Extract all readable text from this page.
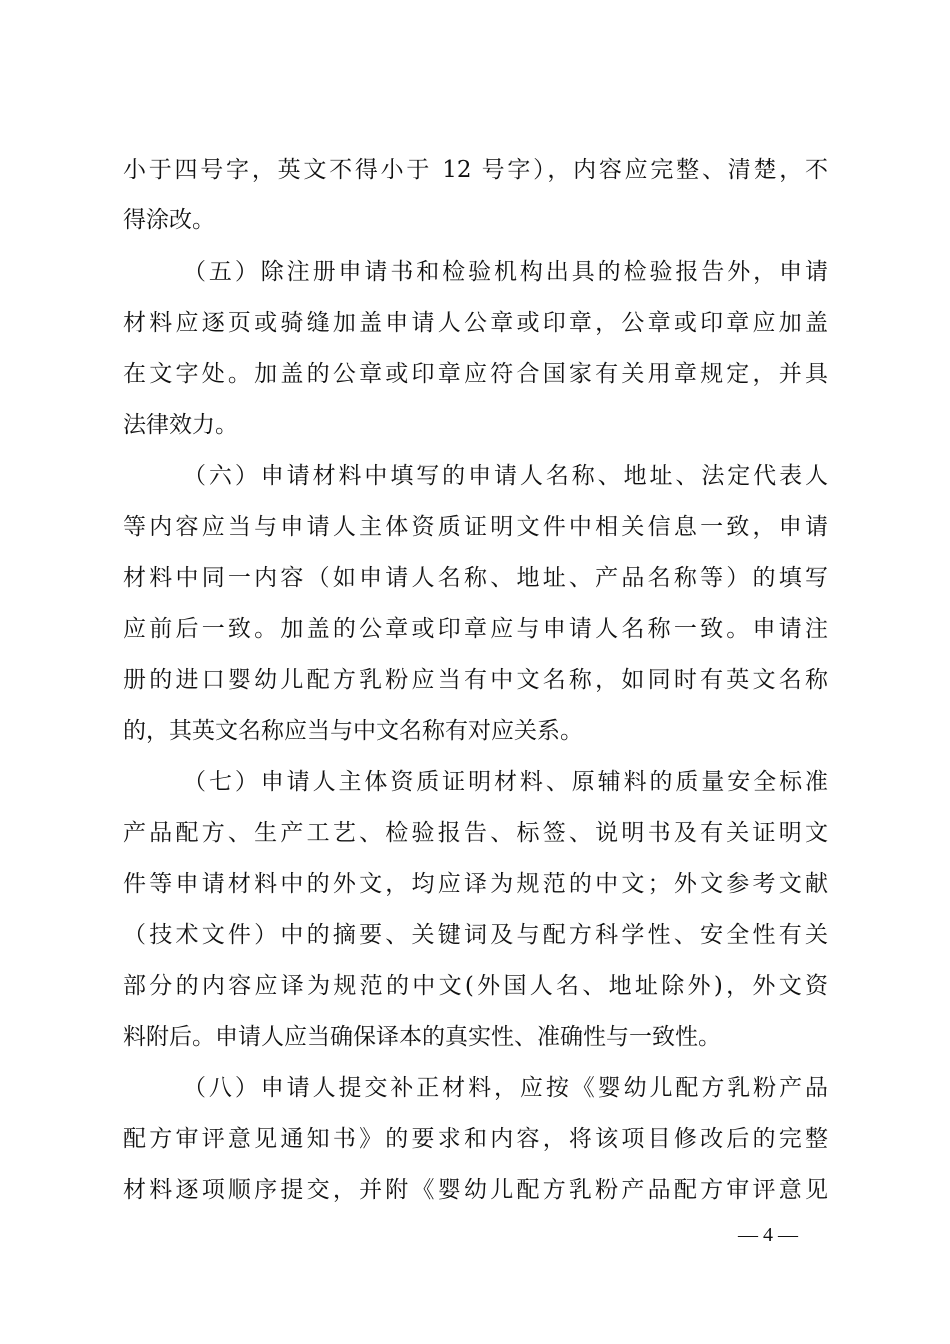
小于四号字，英文不得小于 12 号字），内容应完整、清楚，不
得涂改。
（五）除注册申请书和检验机构出具的检验报告外，申请
材料应逐页或骑缝加盖申请人公章或印章，公章或印章应加盖
在文字处。加盖的公章或印章应符合国家有关用章规定，并具
法律效力。
（六）申请材料中填写的申请人名称、地址、法定代表人
等内容应当与申请人主体资质证明文件中相关信息一致，申请
材料中同一内容（如申请人名称、地址、产品名称等）的填写
应前后一致。加盖的公章或印章应与申请人名称一致。申请注
册的进口婴幼儿配方乳粉应当有中文名称，如同时有英文名称
的，其英文名称应当与中文名称有对应关系。
（七）申请人主体资质证明材料、原辅料的质量安全标准
产品配方、生产工艺、检验报告、标签、说明书及有关证明文
件等申请材料中的外文，均应译为规范的中文；外文参考文献
（技术文件）中的摘要、关键词及与配方科学性、安全性有关
部分的内容应译为规范的中文(外国人名、地址除外)，外文资
料附后。申请人应当确保译本的真实性、准确性与一致性。
（八）申请人提交补正材料，应按《婴幼儿配方乳粉产品
配方审评意见通知书》的要求和内容，将该项目修改后的完整
材料逐项顺序提交，并附《婴幼儿配方乳粉产品配方审评意见
— 4 —
